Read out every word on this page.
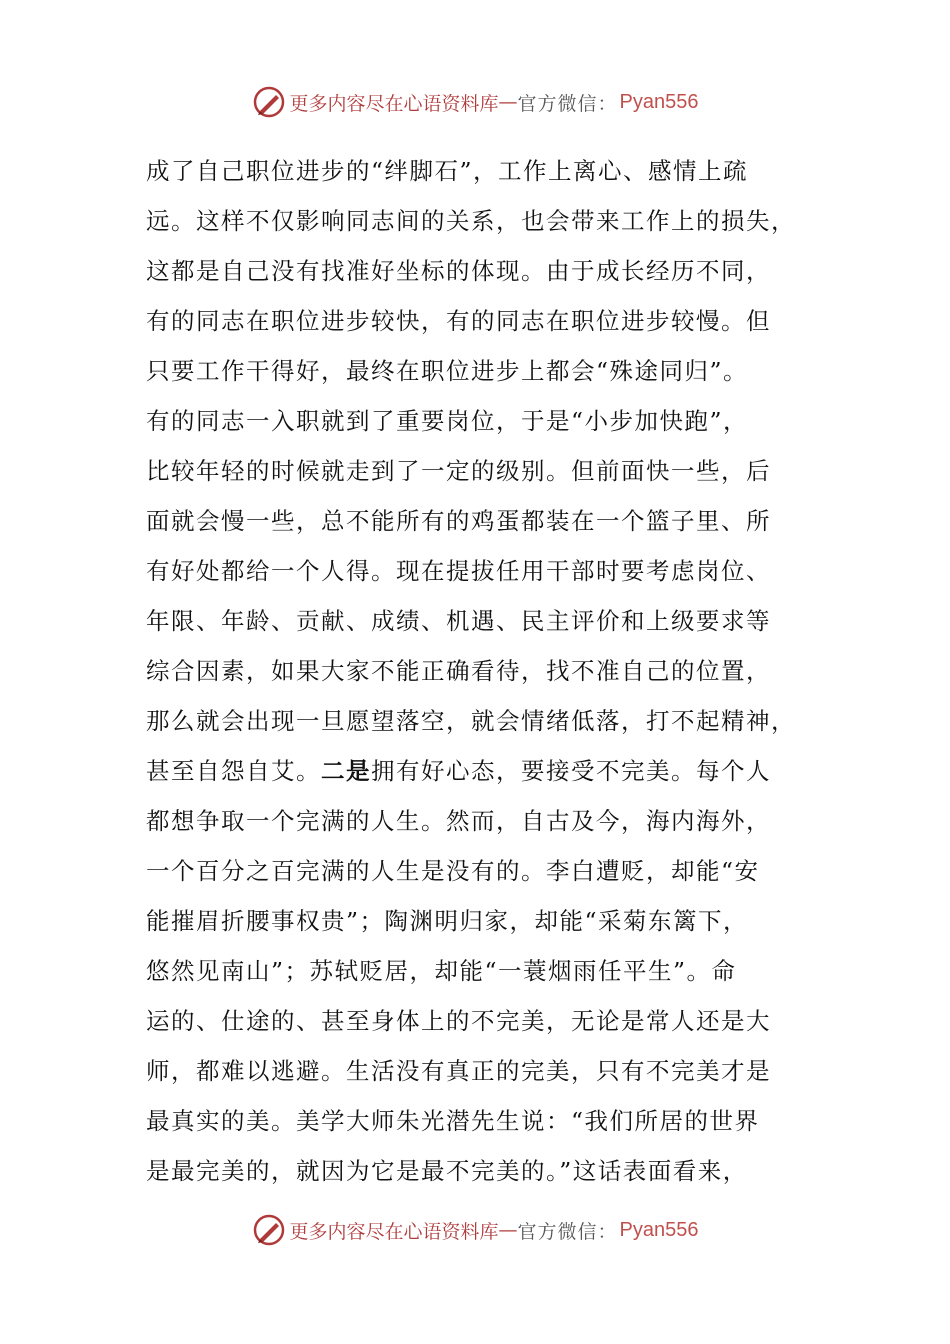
更多内容尽在心语资料库 — 官方微信： Pyan556
成了自己职位进步的“绊脚石”，工作上离心、感情上疏
远。这样不仅影响同志间的关系，也会带来工作上的损失，
这都是自己没有找准好坐标的体现。由于成长经历不同，
有的同志在职位进步较快，有的同志在职位进步较慢。但
只要工作干得好，最终在职位进步上都会“殊途同归”。
有的同志一入职就到了重要岗位，于是“小步加快跑”，
比较年轻的时候就走到了一定的级别。但前面快一些，后
面就会慢一些，总不能所有的鸡蛋都装在一个篮子里、所
有好处都给一个人得。现在提拔任用干部时要考虑岗位、
年限、年龄、贡献、成绩、机遇、民主评价和上级要求等
综合因素，如果大家不能正确看待，找不准自己的位置，
那么就会出现一旦愿望落空，就会情绪低落，打不起精神，
甚至自怨自艾。二是拥有好心态，要接受不完美。每个人
都想争取一个完满的人生。然而，自古及今，海内海外，
一个百分之百完满的人生是没有的。李白遭贬，却能“安
能摧眉折腰事权贵”；陶渊明归家，却能“采菊东篱下，
悠然见南山”；苏轼贬居，却能“一蓑烟雨任平生”。命
运的、仕途的、甚至身体上的不完美，无论是常人还是大
师，都难以逃避。生活没有真正的完美，只有不完美才是
最真实的美。美学大师朱光潜先生说：“我们所居的世界
是最完美的，就因为它是最不完美的。”这话表面看来，
更多内容尽在心语资料库 — 官方微信： Pyan556
